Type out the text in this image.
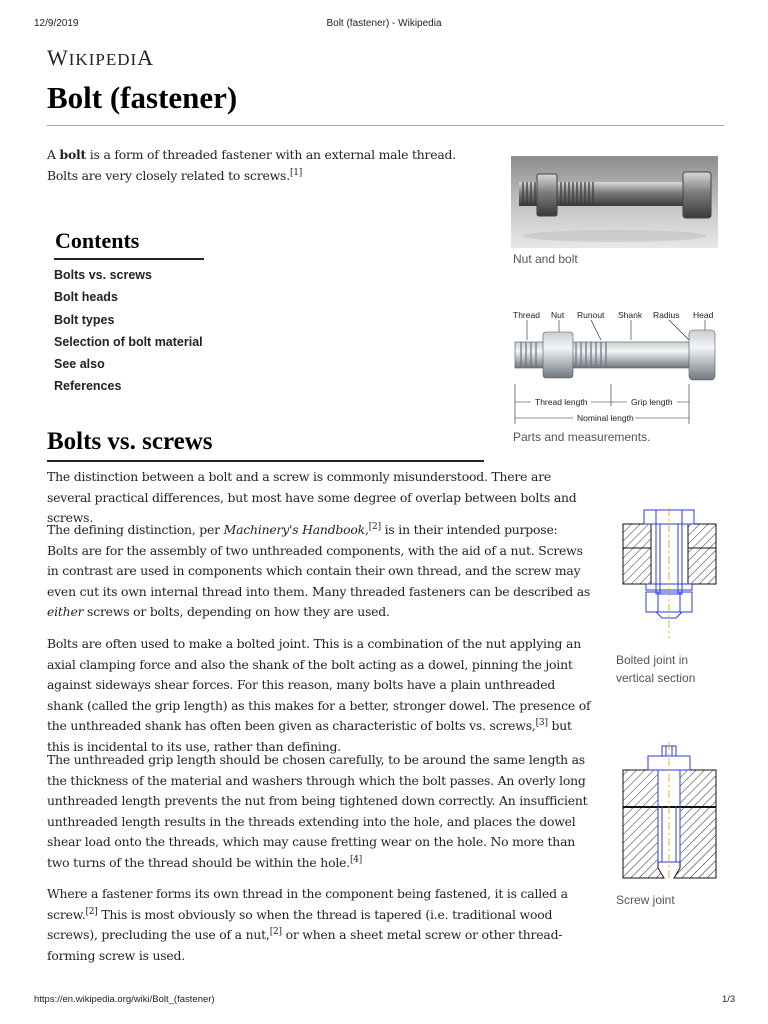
12/9/2019	Bolt (fastener) - Wikipedia
WIKIPEDIA
Bolt (fastener)

A bolt is a form of threaded fastener with an external male thread. Bolts are very closely related to screws.[1]

Contents
Bolts vs. screws
Bolt heads
Bolt types
Selection of bolt material
See also
References
Bolts vs. screws

The distinction between a bolt and a screw is commonly misunderstood. There are several practical differences, but most have some degree of overlap between bolts and screws.

The defining distinction, per Machinery's Handbook,[2] is in their intended purpose: Bolts are for the assembly of two unthreaded components, with the aid of a nut. Screws in contrast are used in components which contain their own thread, and the screw may even cut its own internal thread into them. Many threaded fasteners can be described as either screws or bolts, depending on how they are used.

Bolts are often used to make a bolted joint. This is a combination of the nut applying an axial clamping force and also the shank of the bolt acting as a dowel, pinning the joint against sideways shear forces. For this reason, many bolts have a plain unthreaded shank (called the grip length) as this makes for a better, stronger dowel. The presence of the unthreaded shank has often been given as characteristic of bolts vs. screws,[3] but this is incidental to its use, rather than defining.

The unthreaded grip length should be chosen carefully, to be around the same length as the thickness of the material and washers through which the bolt passes. An overly long unthreaded length prevents the nut from being tightened down correctly. An insufficient unthreaded length results in the threads extending into the hole, and places the dowel shear load onto the threads, which may cause fretting wear on the hole. No more than two turns of the thread should be within the hole.[4]

Where a fastener forms its own thread in the component being fastened, it is called a screw.[2] This is most obviously so when the thread is tapered (i.e. traditional wood screws), precluding the use of a nut,[2] or when a sheet metal screw or other thread-forming screw is used.

Nut and bolt
Thread Nut Runout Shank Radius Head
Thread length	Grip length
Nominal length
Parts and measurements.
Bolted joint in vertical section
Screw joint
https://en.wikipedia.org/wiki/Bolt_(fastener)	1/3
